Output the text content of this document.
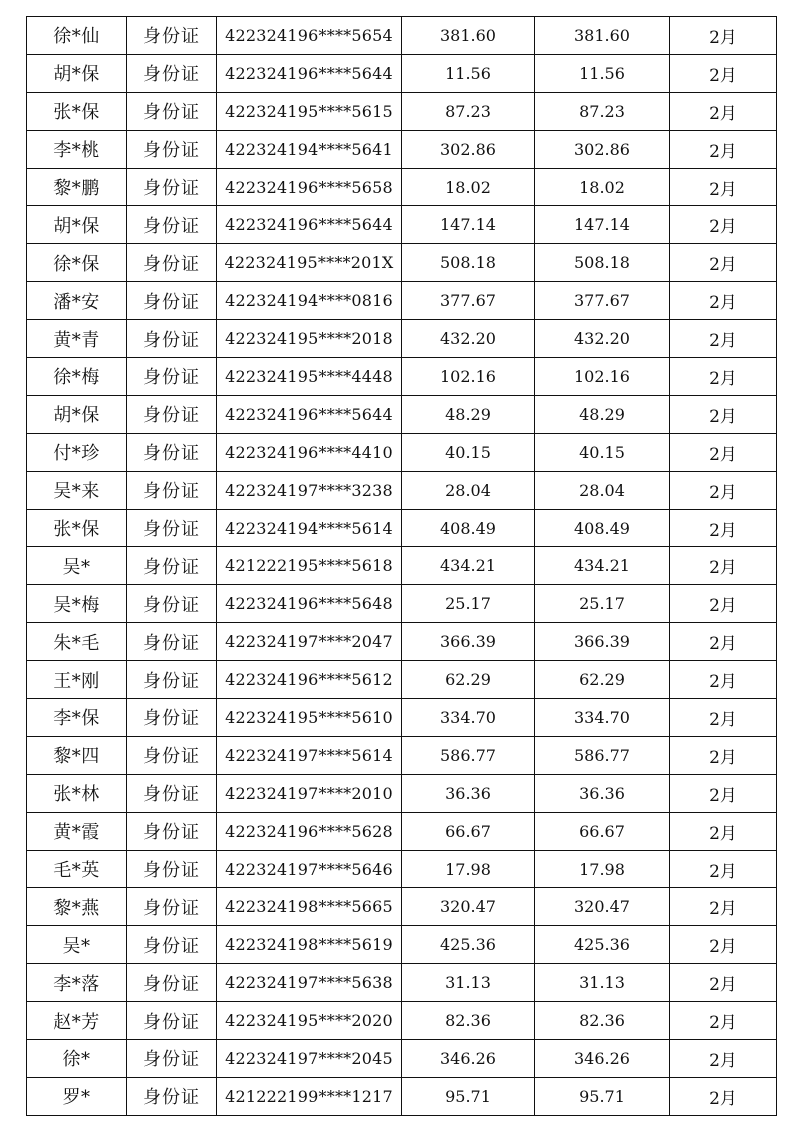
徐*仙	身份证	422324196****5654	381.60	381.60	2月
胡*保	身份证	422324196****5644	11.56	11.56	2月
张*保	身份证	422324195****5615	87.23	87.23	2月
李*桃	身份证	422324194****5641	302.86	302.86	2月
黎*鹏	身份证	422324196****5658	18.02	18.02	2月
胡*保	身份证	422324196****5644	147.14	147.14	2月
徐*保	身份证	422324195****201X	508.18	508.18	2月
潘*安	身份证	422324194****0816	377.67	377.67	2月
黄*青	身份证	422324195****2018	432.20	432.20	2月
徐*梅	身份证	422324195****4448	102.16	102.16	2月
胡*保	身份证	422324196****5644	48.29	48.29	2月
付*珍	身份证	422324196****4410	40.15	40.15	2月
吴*来	身份证	422324197****3238	28.04	28.04	2月
张*保	身份证	422324194****5614	408.49	408.49	2月
吴*	身份证	421222195****5618	434.21	434.21	2月
吴*梅	身份证	422324196****5648	25.17	25.17	2月
朱*毛	身份证	422324197****2047	366.39	366.39	2月
王*刚	身份证	422324196****5612	62.29	62.29	2月
李*保	身份证	422324195****5610	334.70	334.70	2月
黎*四	身份证	422324197****5614	586.77	586.77	2月
张*林	身份证	422324197****2010	36.36	36.36	2月
黄*霞	身份证	422324196****5628	66.67	66.67	2月
毛*英	身份证	422324197****5646	17.98	17.98	2月
黎*燕	身份证	422324198****5665	320.47	320.47	2月
吴*	身份证	422324198****5619	425.36	425.36	2月
李*落	身份证	422324197****5638	31.13	31.13	2月
赵*芳	身份证	422324195****2020	82.36	82.36	2月
徐*	身份证	422324197****2045	346.26	346.26	2月
罗*	身份证	421222199****1217	95.71	95.71	2月
